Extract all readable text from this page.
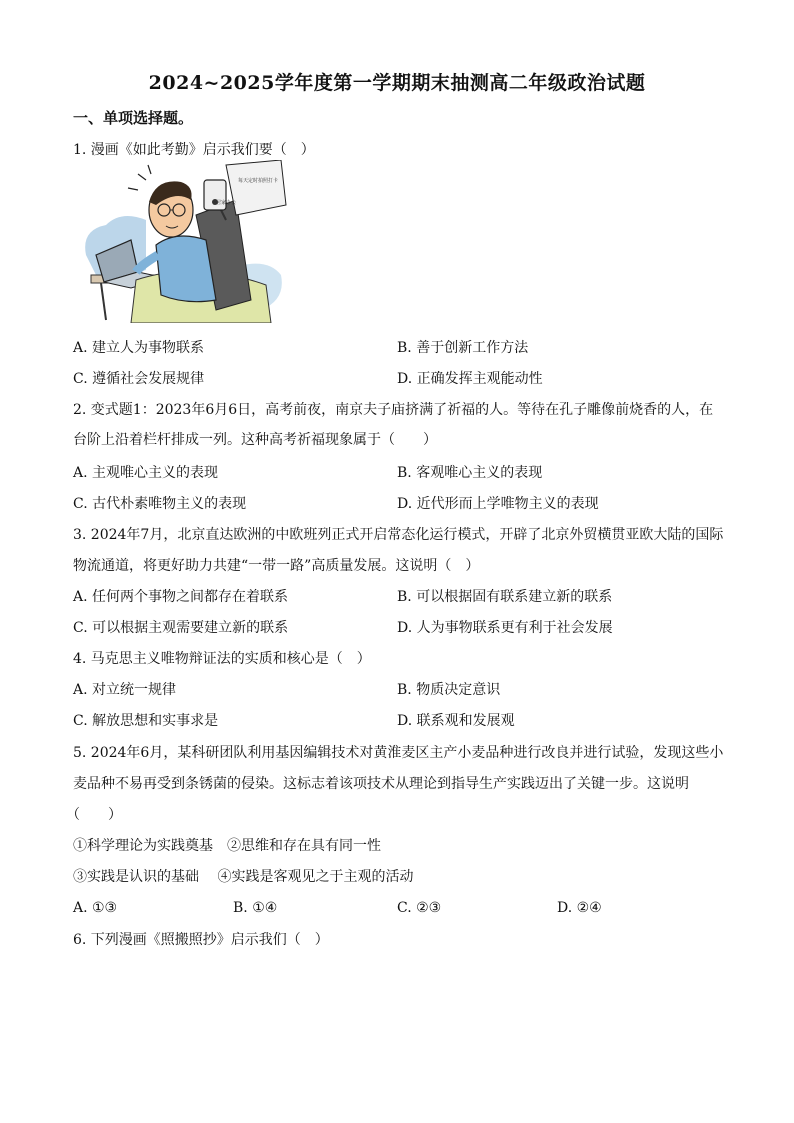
2024~2025学年度第一学期期末抽测高二年级政治试题
一、单项选择题。
1. 漫画《如此考勤》启示我们要（　）
居家办公
每天定时拍照打卡
A. 建立人为事物联系	B. 善于创新工作方法
C. 遵循社会发展规律	D. 正确发挥主观能动性
2. 变式题1：2023年6月6日，高考前夜，南京夫子庙挤满了祈福的人。等待在孔子雕像前烧香的人，在
台阶上沿着栏杆排成一列。这种高考祈福现象属于（　　）
A. 主观唯心主义的表现	B. 客观唯心主义的表现
C. 古代朴素唯物主义的表现	D. 近代形而上学唯物主义的表现
3. 2024年7月，北京直达欧洲的中欧班列正式开启常态化运行模式，开辟了北京外贸横贯亚欧大陆的国际
物流通道，将更好助力共建“一带一路”高质量发展。这说明（　）
A. 任何两个事物之间都存在着联系	B. 可以根据固有联系建立新的联系
C. 可以根据主观需要建立新的联系	D. 人为事物联系更有利于社会发展
4. 马克思主义唯物辩证法的实质和核心是（　）
A. 对立统一规律	B. 物质决定意识
C. 解放思想和实事求是	D. 联系观和发展观
5. 2024年6月，某科研团队利用基因编辑技术对黄淮麦区主产小麦品种进行改良并进行试验，发现这些小
麦品种不易再受到条锈菌的侵染。这标志着该项技术从理论到指导生产实践迈出了关键一步。这说明
（　　）
①科学理论为实践奠基　②思维和存在具有同一性
③实践是认识的基础　 ④实践是客观见之于主观的活动
A. ①③	B. ①④	C. ②③	D. ②④
6. 下列漫画《照搬照抄》启示我们（　）
